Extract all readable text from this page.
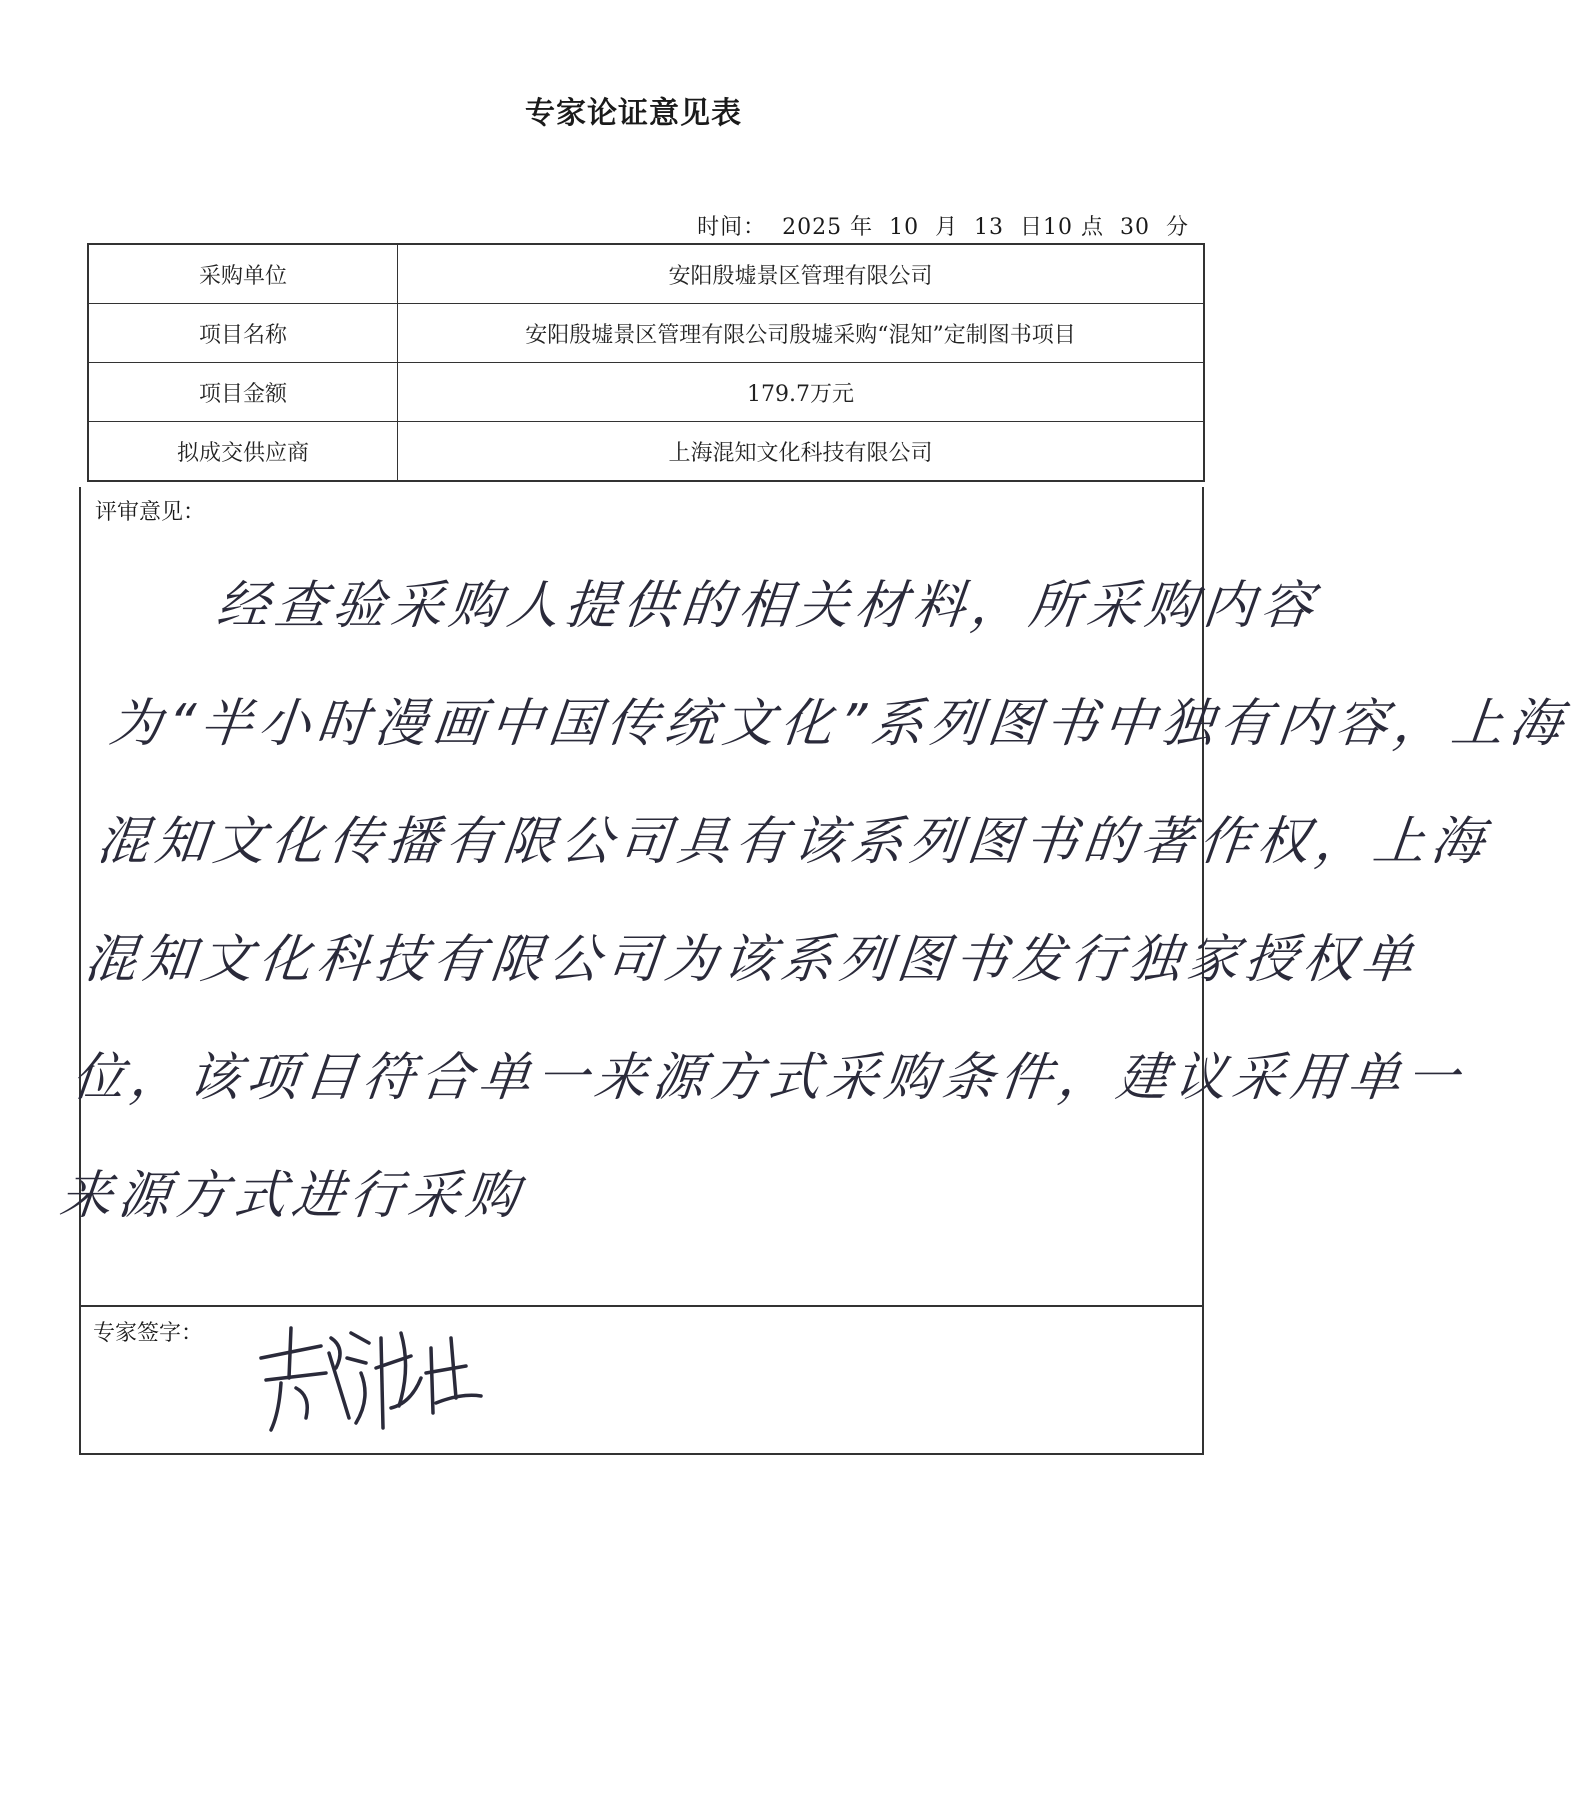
专家论证意见表
时间：  2025 年  10  月  13  日10 点  30  分
采购单位	安阳殷墟景区管理有限公司
项目名称	安阳殷墟景区管理有限公司殷墟采购“混知”定制图书项目
项目金额	179.7万元
拟成交供应商	上海混知文化科技有限公司
评审意见：
经查验采购人提供的相关材料，所采购内容
为“半小时漫画中国传统文化”系列图书中独有内容，上海
混知文化传播有限公司具有该系列图书的著作权，上海
混知文化科技有限公司为该系列图书发行独家授权单
位，该项目符合单一来源方式采购条件，建议采用单一
来源方式进行采购
专家签字：
